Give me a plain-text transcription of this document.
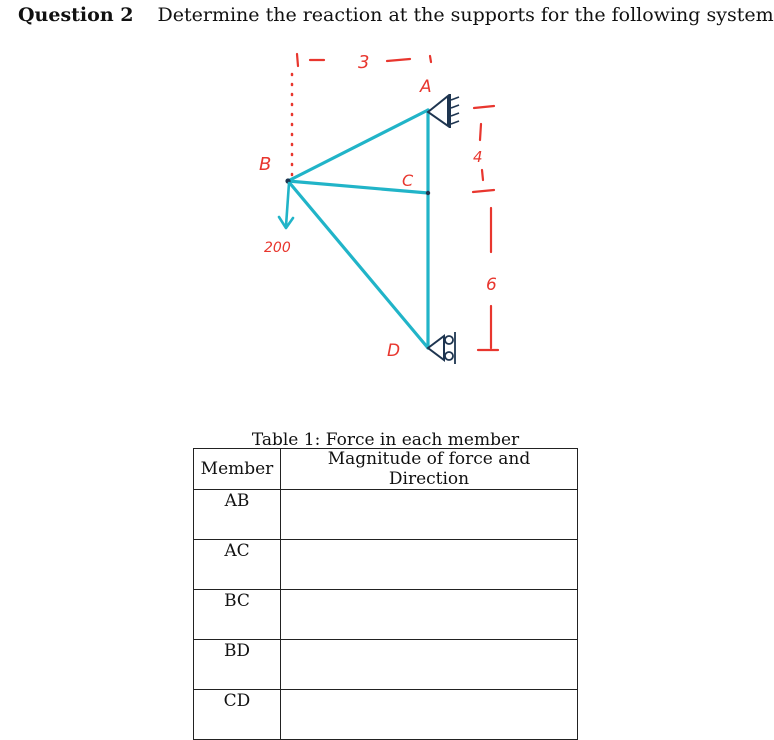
Question 2 Determine the reaction at the supports for the following system
3
4
6
200
A
B
C
D
Table 1: Force in each member
Member	Magnitude of force and Direction
AB	
AC	
BC	
BD	
CD	
